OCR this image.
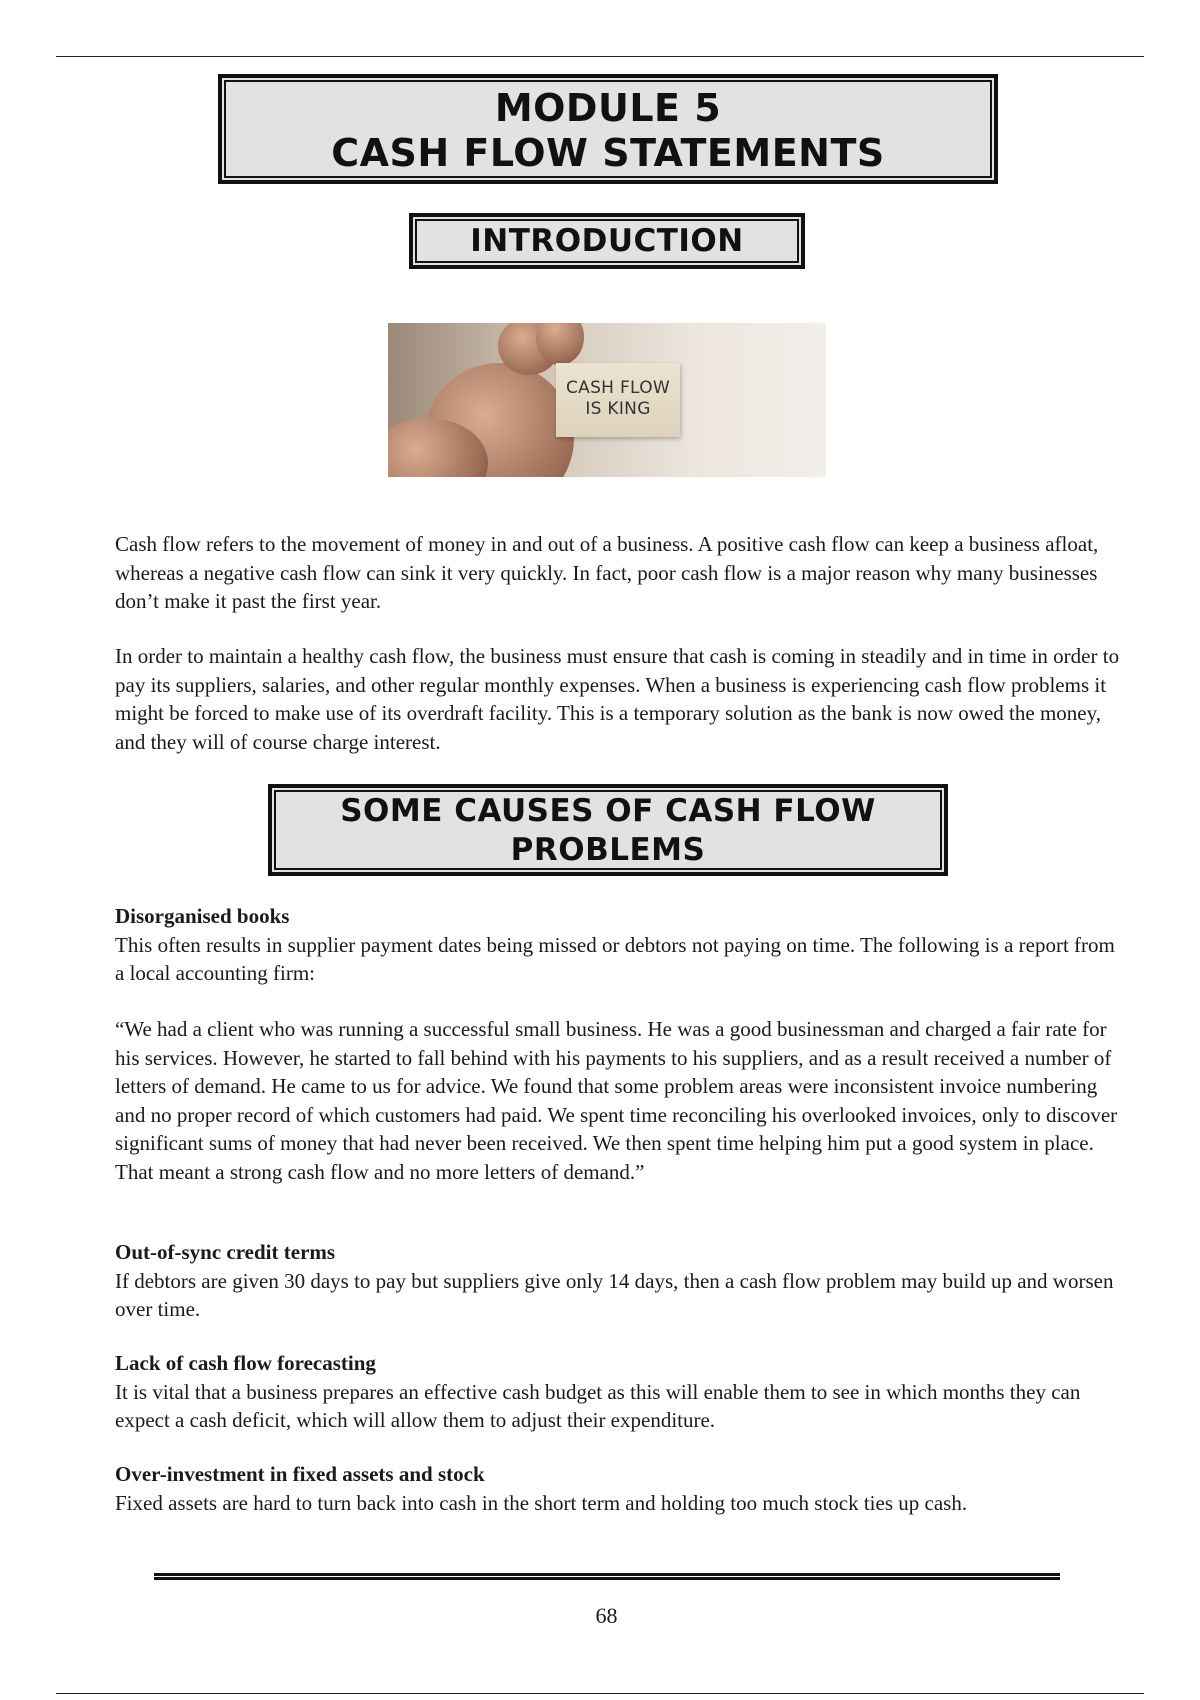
MODULE 5
CASH FLOW STATEMENTS
INTRODUCTION
CASH FLOW
IS KING

Cash flow refers to the movement of money in and out of a business. A positive cash flow can keep a business afloat, whereas a negative cash flow can sink it very quickly. In fact, poor cash flow is a major reason why many businesses don’t make it past the first year.

In order to maintain a healthy cash flow, the business must ensure that cash is coming in steadily and in time in order to pay its suppliers, salaries, and other regular monthly expenses. When a business is experiencing cash flow problems it might be forced to make use of its overdraft facility. This is a temporary solution as the bank is now owed the money, and they will of course charge interest.

SOME CAUSES OF CASH FLOW
PROBLEMS
Disorganised books
This often results in supplier payment dates being missed or debtors not paying on time. The following is a report from a local accounting firm:

“We had a client who was running a successful small business. He was a good businessman and charged a fair rate for his services. However, he started to fall behind with his payments to his suppliers, and as a result received a number of letters of demand. He came to us for advice. We found that some problem areas were inconsistent invoice numbering and no proper record of which customers had paid. We spent time reconciling his overlooked invoices, only to discover significant sums of money that had never been received. We then spent time helping him put a good system in place. That meant a strong cash flow and no more letters of demand.”

Out-of-sync credit terms
If debtors are given 30 days to pay but suppliers give only 14 days, then a cash flow problem may build up and worsen over time.
Lack of cash flow forecasting
It is vital that a business prepares an effective cash budget as this will enable them to see in which months they can expect a cash deficit, which will allow them to adjust their expenditure.
Over-investment in fixed assets and stock
Fixed assets are hard to turn back into cash in the short term and holding too much stock ties up cash.
68
